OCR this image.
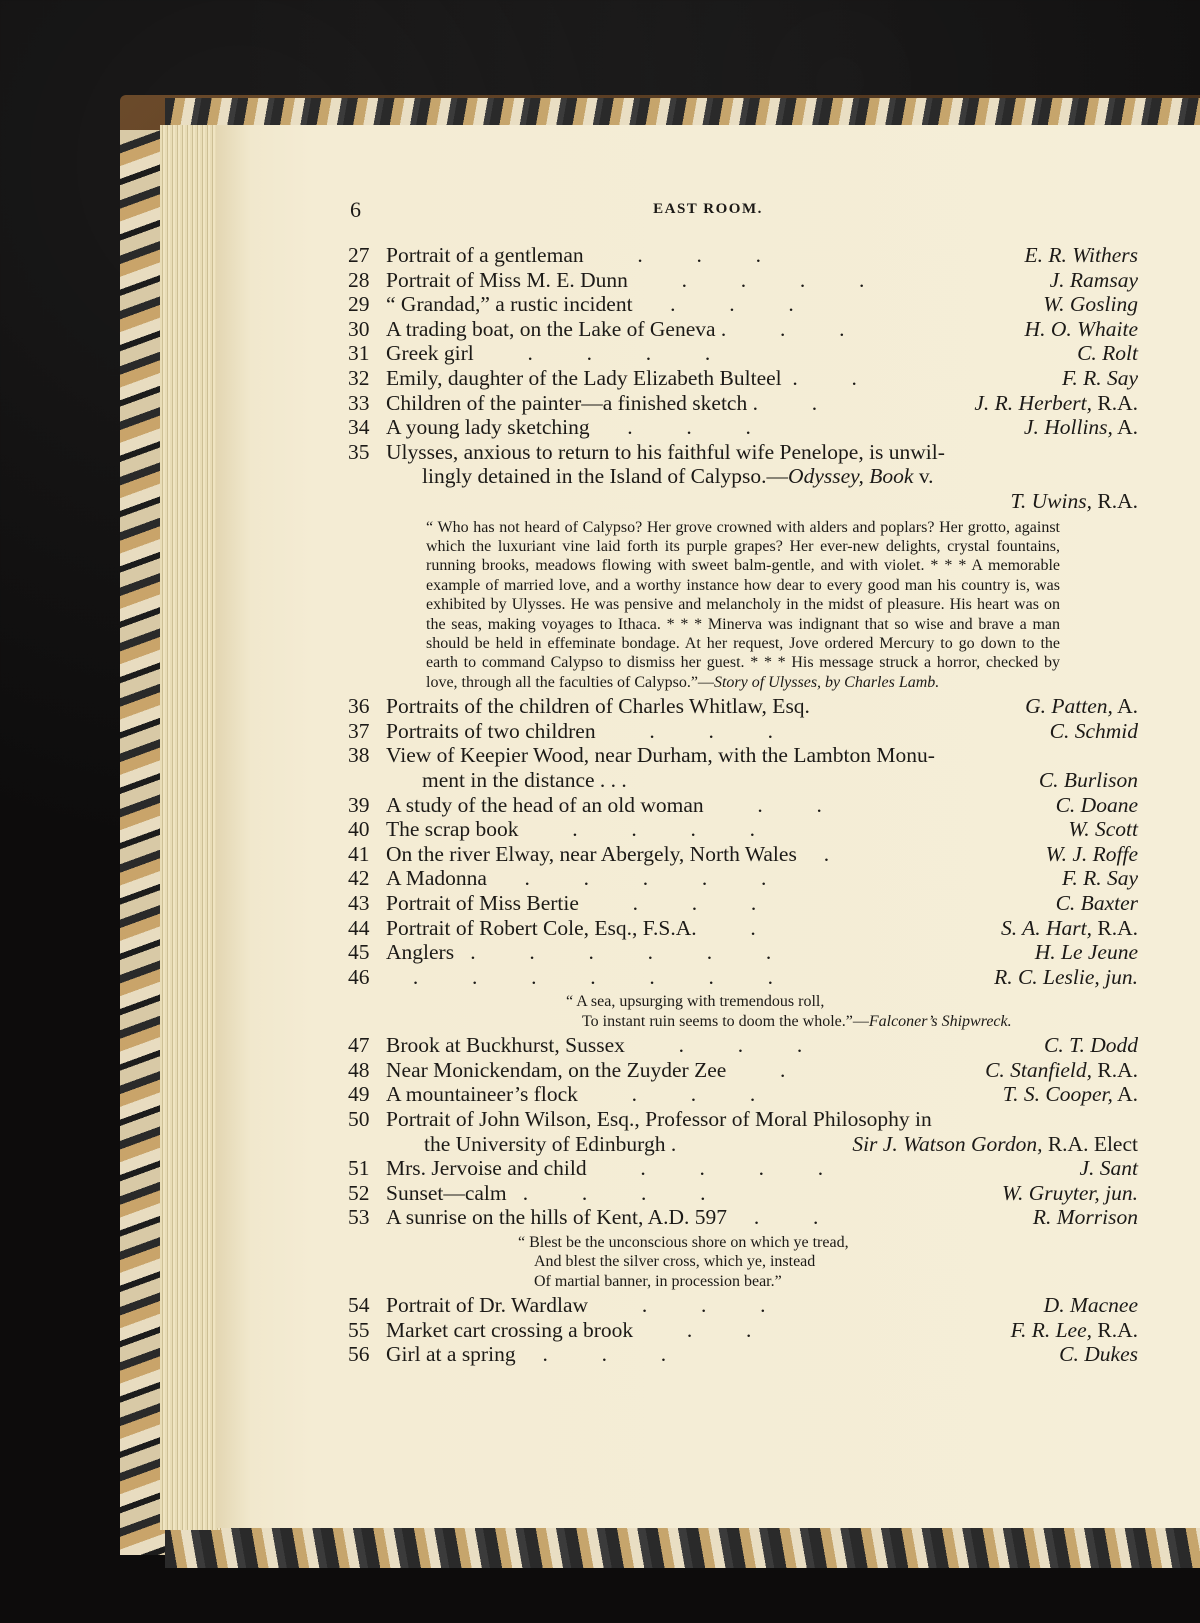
6	EAST ROOM.
27 Portrait of a gentleman          .          .          .	E. R. Withers
28 Portrait of Miss M. E. Dunn          .          .          .          .	J. Ramsay
29 “ Grandad,” a rustic incident       .          .          .	W. Gosling
30 A trading boat, on the Lake of Geneva .          .          .	H. O. Whaite
31 Greek girl          .          .          .          .	C. Rolt
32 Emily, daughter of the Lady Elizabeth Bulteel  .          .	F. R. Say
33 Children of the painter—a finished sketch .          .	J. R. Herbert, R.A.
34 A young lady sketching       .          .          .	J. Hollins, A.
35 Ulysses, anxious to return to his faithful wife Penelope, is unwil-
lingly detained in the Island of Calypso.—Odyssey, Book v.
T. Uwins, R.A.
“ Who has not heard of Calypso? Her grove crowned with alders and poplars? Her grotto, against which the luxuriant vine laid forth its purple grapes? Her ever-new delights, crystal fountains, running brooks, meadows flowing with sweet balm-gentle, and with violet. * * * A memorable example of married love, and a worthy instance how dear to every good man his country is, was exhibited by Ulysses. He was pensive and melancholy in the midst of pleasure. His heart was on the seas, making voyages to Ithaca. * * * Minerva was indignant that so wise and brave a man should be held in effeminate bondage. At her request, Jove ordered Mercury to go down to the earth to command Calypso to dismiss her guest. * * * His message struck a horror, checked by love, through all the faculties of Calypso.”—Story of Ulysses, by Charles Lamb.
36 Portraits of the children of Charles Whitlaw, Esq.	G. Patten, A.
37 Portraits of two children          .          .          .	C. Schmid
38 View of Keepier Wood, near Durham, with the Lambton Monu-
ment in the distance . . .	C. Burlison
39 A study of the head of an old woman          .          .	C. Doane
40 The scrap book          .          .          .          .	W. Scott
41 On the river Elway, near Abergely, North Wales     .	W. J. Roffe
42 A Madonna       .          .          .          .          .	F. R. Say
43 Portrait of Miss Bertie          .          .          .	C. Baxter
44 Portrait of Robert Cole, Esq., F.S.A.          .	S. A. Hart, R.A.
45 Anglers   .          .          .          .          .          .	H. Le Jeune
46 .          .          .          .          .          .          .	R. C. Leslie, jun.
“ A sea, upsurging with tremendous roll,
To instant ruin seems to doom the whole.”—Falconer’s Shipwreck.
47 Brook at Buckhurst, Sussex          .          .          .	C. T. Dodd
48 Near Monickendam, on the Zuyder Zee          .	C. Stanfield, R.A.
49 A mountaineer’s flock          .          .          .	T. S. Cooper, A.
50 Portrait of John Wilson, Esq., Professor of Moral Philosophy in
the University of Edinburgh .	Sir J. Watson Gordon, R.A. Elect
51 Mrs. Jervoise and child          .          .          .          .	J. Sant
52 Sunset—calm   .          .          .          .	W. Gruyter, jun.
53 A sunrise on the hills of Kent, A.D. 597     .          .	R. Morrison
“ Blest be the unconscious shore on which ye tread,
And blest the silver cross, which ye, instead
Of martial banner, in procession bear.”
54 Portrait of Dr. Wardlaw          .          .          .	D. Macnee
55 Market cart crossing a brook          .          .	F. R. Lee, R.A.
56 Girl at a spring     .          .          .	C. Dukes
